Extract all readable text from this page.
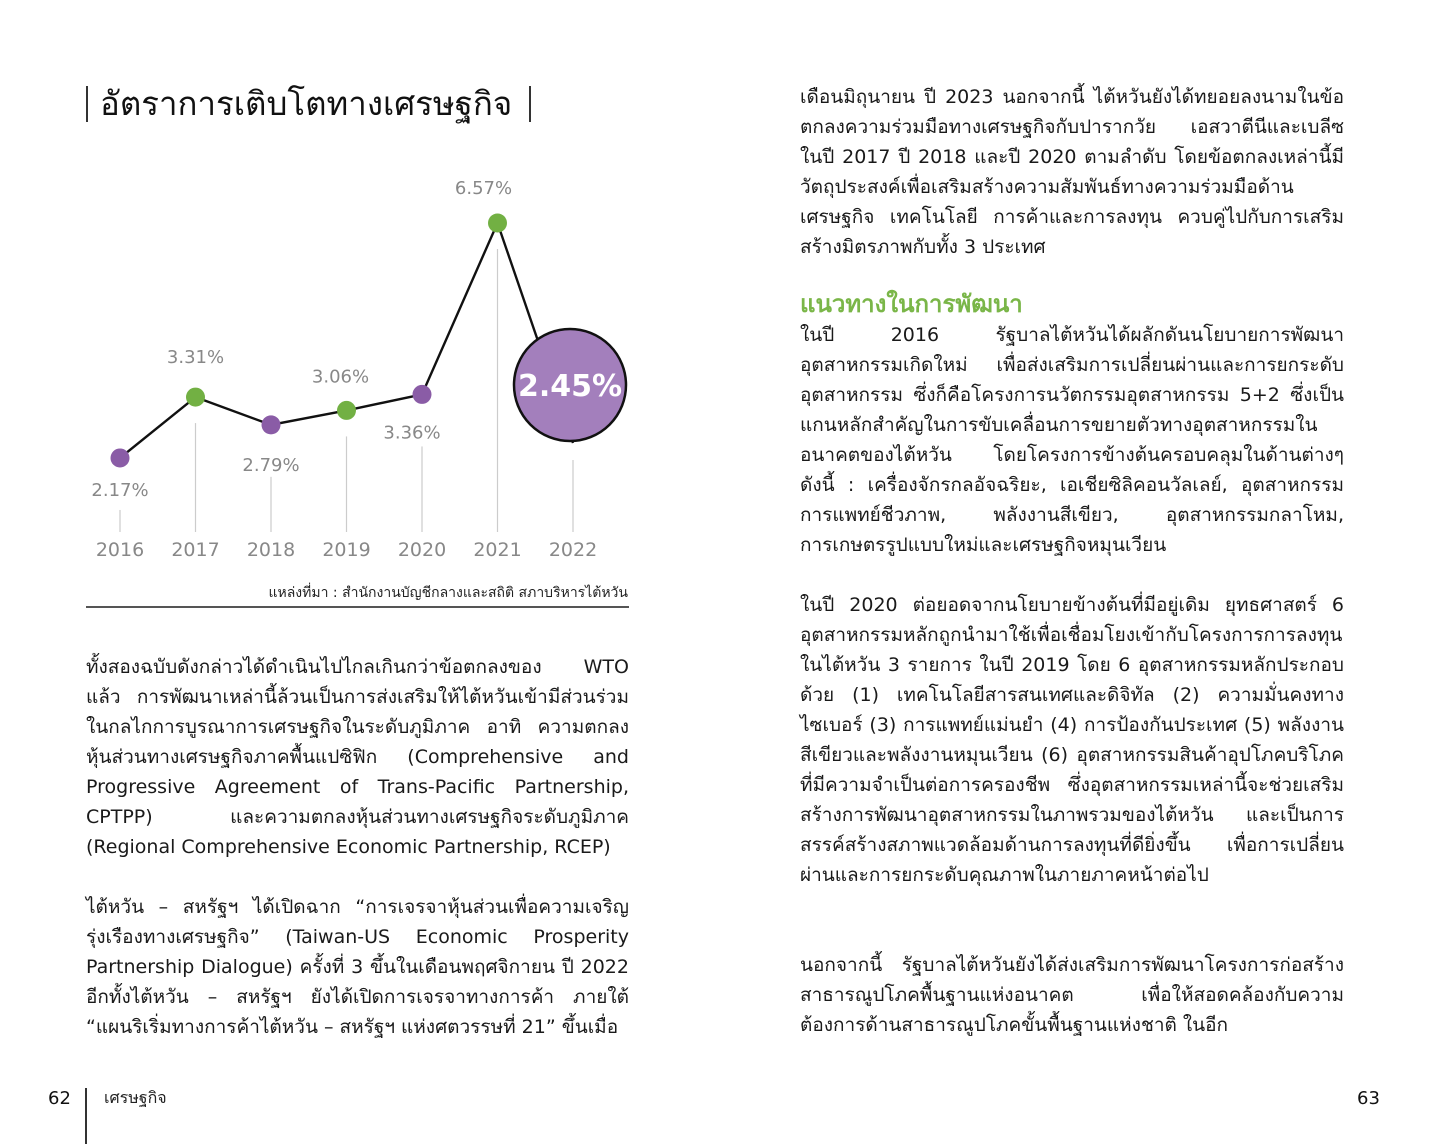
อัตราการเติบโตทางเศรษฐกิจ
2.45%
2.17%
3.31%
2.79%
3.06%
3.36%
6.57%
2016 2017 2018 2019 2020 2021 2022
แหล่งที่มา : สำนักงานบัญชีกลางและสถิติ สภาบริหารไต้หวัน
ทั้งสองฉบับดังกล่าวได้ดำเนินไปไกลเกินกว่าข้อตกลงของ WTO แล้ว การพัฒนาเหล่านี้ล้วนเป็นการส่งเสริมให้ไต้หวันเข้ามีส่วนร่วมในกลไกการบูรณาการเศรษฐกิจในระดับภูมิภาค อาทิ ความตกลงหุ้นส่วนทางเศรษฐกิจภาคพื้นแปซิฟิก (Comprehensive and Progressive Agreement of Trans-Pacific Partnership, CPTPP) และความตกลงหุ้นส่วนทางเศรษฐกิจระดับภูมิภาค (Regional Comprehensive Economic Partnership, RCEP)
ไต้หวัน – สหรัฐฯ ได้เปิดฉาก “การเจรจาหุ้นส่วนเพื่อความเจริญรุ่งเรืองทางเศรษฐกิจ” (Taiwan-US Economic Prosperity Partnership Dialogue) ครั้งที่ 3 ขึ้นในเดือนพฤศจิกายน ปี 2022 อีกทั้งไต้หวัน – สหรัฐฯ ยังได้เปิดการเจรจาทางการค้า ภายใต้ “แผนริเริ่มทางการค้าไต้หวัน – สหรัฐฯ แห่งศตวรรษที่ 21” ขึ้นเมื่อ
เดือนมิถุนายน ปี 2023 นอกจากนี้ ไต้หวันยังได้ทยอยลงนามในข้อตกลงความร่วมมือทางเศรษฐกิจกับปารากวัย เอสวาตีนีและเบลีซ ในปี 2017 ปี 2018 และปี 2020 ตามลำดับ โดยข้อตกลงเหล่านี้มีวัตถุประสงค์เพื่อเสริมสร้างความสัมพันธ์ทางความร่วมมือด้านเศรษฐกิจ เทคโนโลยี การค้าและการลงทุน ควบคู่ไปกับการเสริมสร้างมิตรภาพกับทั้ง 3 ประเทศ
แนวทางในการพัฒนา
ในปี 2016 รัฐบาลไต้หวันได้ผลักดันนโยบายการพัฒนาอุตสาหกรรมเกิดใหม่ เพื่อส่งเสริมการเปลี่ยนผ่านและการยกระดับอุตสาหกรรม ซึ่งก็คือโครงการนวัตกรรมอุตสาหกรรม 5+2 ซึ่งเป็นแกนหลักสำคัญในการขับเคลื่อนการขยายตัวทางอุตสาหกรรมในอนาคตของไต้หวัน โดยโครงการข้างต้นครอบคลุมในด้านต่างๆ ดังนี้ : เครื่องจักรกลอัจฉริยะ, เอเชียซิลิคอนวัลเลย์, อุตสาหกรรมการแพทย์ชีวภาพ, พลังงานสีเขียว, อุตสาหกรรมกลาโหม, การเกษตรรูปแบบใหม่และเศรษฐกิจหมุนเวียน
ในปี 2020 ต่อยอดจากนโยบายข้างต้นที่มีอยู่เดิม ยุทธศาสตร์ 6 อุตสาหกรรมหลักถูกนำมาใช้เพื่อเชื่อมโยงเข้ากับโครงการการลงทุนในไต้หวัน 3 รายการ ในปี 2019 โดย 6 อุตสาหกรรมหลักประกอบด้วย (1) เทคโนโลยีสารสนเทศและดิจิทัล (2) ความมั่นคงทางไซเบอร์ (3) การแพทย์แม่นยำ (4) การป้องกันประเทศ (5) พลังงานสีเขียวและพลังงานหมุนเวียน (6) อุตสาหกรรมสินค้าอุปโภคบริโภคที่มีความจำเป็นต่อการครองชีพ ซึ่งอุตสาหกรรมเหล่านี้จะช่วยเสริมสร้างการพัฒนาอุตสาหกรรมในภาพรวมของไต้หวัน และเป็นการสรรค์สร้างสภาพแวดล้อมด้านการลงทุนที่ดียิ่งขึ้น เพื่อการเปลี่ยนผ่านและการยกระดับคุณภาพในภายภาคหน้าต่อไป
นอกจากนี้ รัฐบาลไต้หวันยังได้ส่งเสริมการพัฒนาโครงการก่อสร้างสาธารณูปโภคพื้นฐานแห่งอนาคต เพื่อให้สอดคล้องกับความต้องการด้านสาธารณูปโภคขั้นพื้นฐานแห่งชาติ ในอีก
62 เศรษฐกิจ	63
